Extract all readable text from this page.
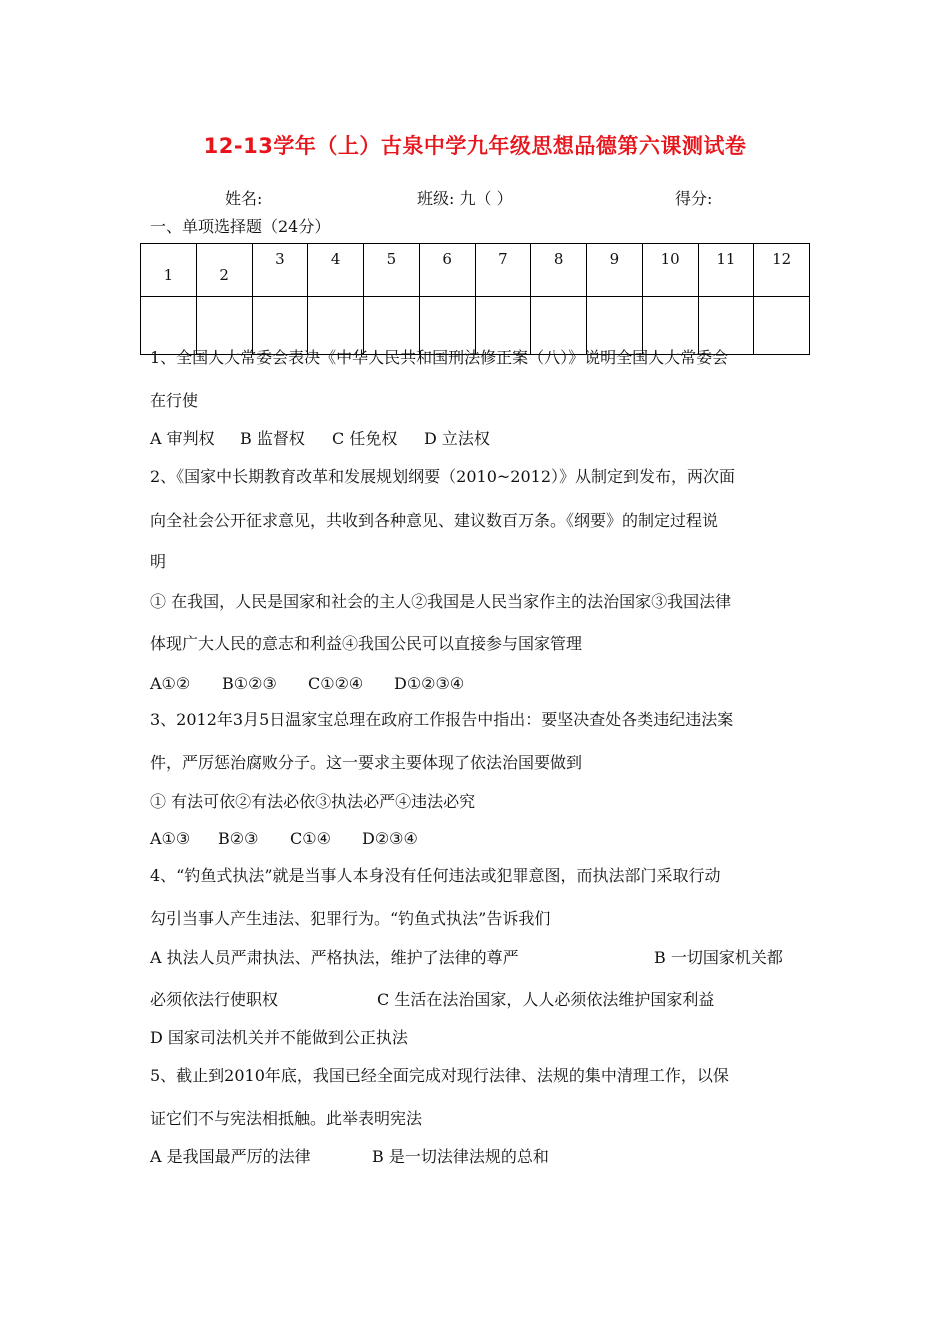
12-13学年（上）古泉中学九年级思想品德第六课测试卷
姓名:	班级: 九（ ）	得分:
一、单项选择题（24分）
1	2	3	4	5	6	7	8	9	10	11	12

1、全国人大常委会表决《中华人民共和国刑法修正案（八）》说明全国人大常委会
在行使
A 审判权 B 监督权 C 任免权 D 立法权
2、《国家中长期教育改革和发展规划纲要（2010~2012）》从制定到发布，两次面
向全社会公开征求意见，共收到各种意见、建议数百万条。《纲要》的制定过程说
明
① 在我国，人民是国家和社会的主人②我国是人民当家作主的法治国家③我国法律
体现广大人民的意志和利益④我国公民可以直接参与国家管理
A①② B①②③ C①②④ D①②③④
3、2012年3月5日温家宝总理在政府工作报告中指出：要坚决查处各类违纪违法案
件，严厉惩治腐败分子。这一要求主要体现了依法治国要做到
① 有法可依②有法必依③执法必严④违法必究
A①③ B②③ C①④ D②③④
4、“钓鱼式执法”就是当事人本身没有任何违法或犯罪意图，而执法部门采取行动
勾引当事人产生违法、犯罪行为。“钓鱼式执法”告诉我们
A 执法人员严肃执法、严格执法，维护了法律的尊严	B 一切国家机关都
必须依法行使职权	C 生活在法治国家，人人必须依法维护国家利益
D 国家司法机关并不能做到公正执法
5、截止到2010年底，我国已经全面完成对现行法律、法规的集中清理工作，以保
证它们不与宪法相抵触。此举表明宪法
A 是我国最严厉的法律	B 是一切法律法规的总和
